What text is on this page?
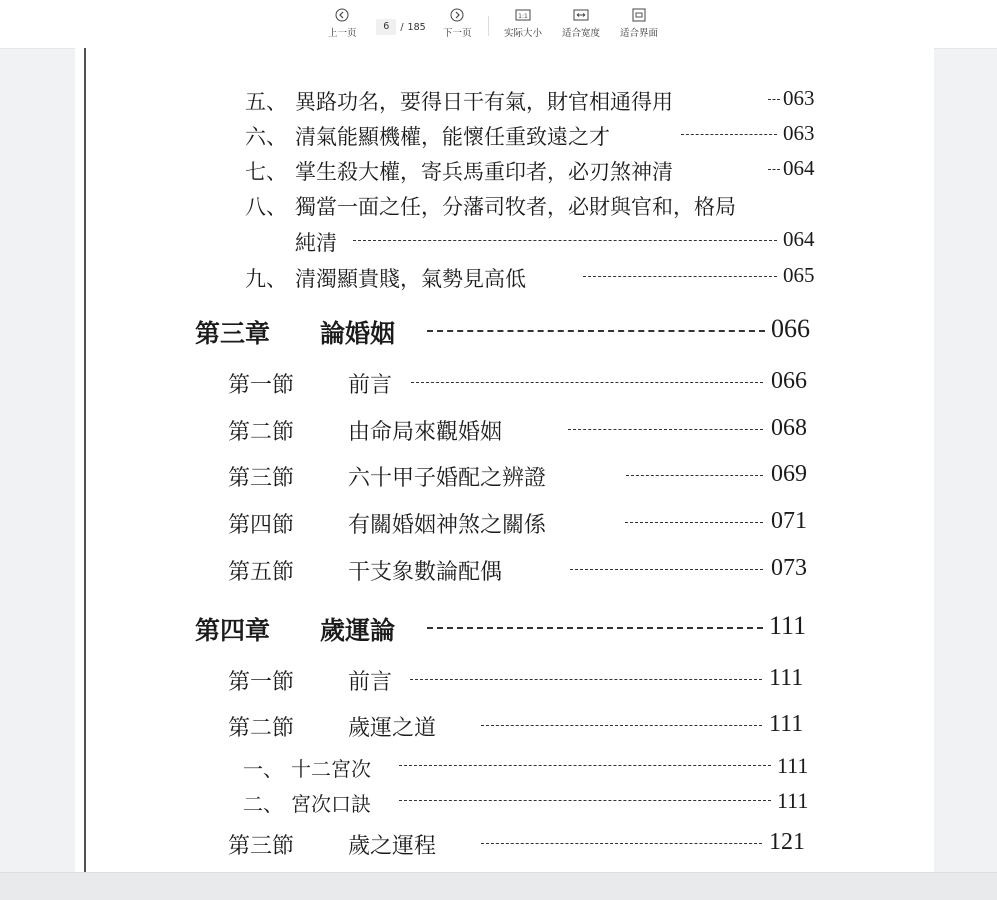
上一页
6	/ 185
下一页
1:1
实际大小 适合宽度 适合界面
五、 異路功名，要得日干有氣，財官相通得用	063
六、 清氣能顯機權，能懷任重致遠之才	063
七、 掌生殺大權，寄兵馬重印者，必刃煞神清	064
八、 獨當一面之任，分藩司牧者，必財與官和，格局
純清	064
九、 清濁顯貴賤，氣勢見高低	065
第三章 論婚姻	066
第一節 前言	066
第二節 由命局來觀婚姻	068
第三節 六十甲子婚配之辨證	069
第四節 有關婚姻神煞之關係	071
第五節 干支象數論配偶	073
第四章 歲運論	111
第一節 前言	111
第二節 歲運之道	111
一、 十二宮次	111
二、 宮次口訣	111
第三節 歲之運程	121
